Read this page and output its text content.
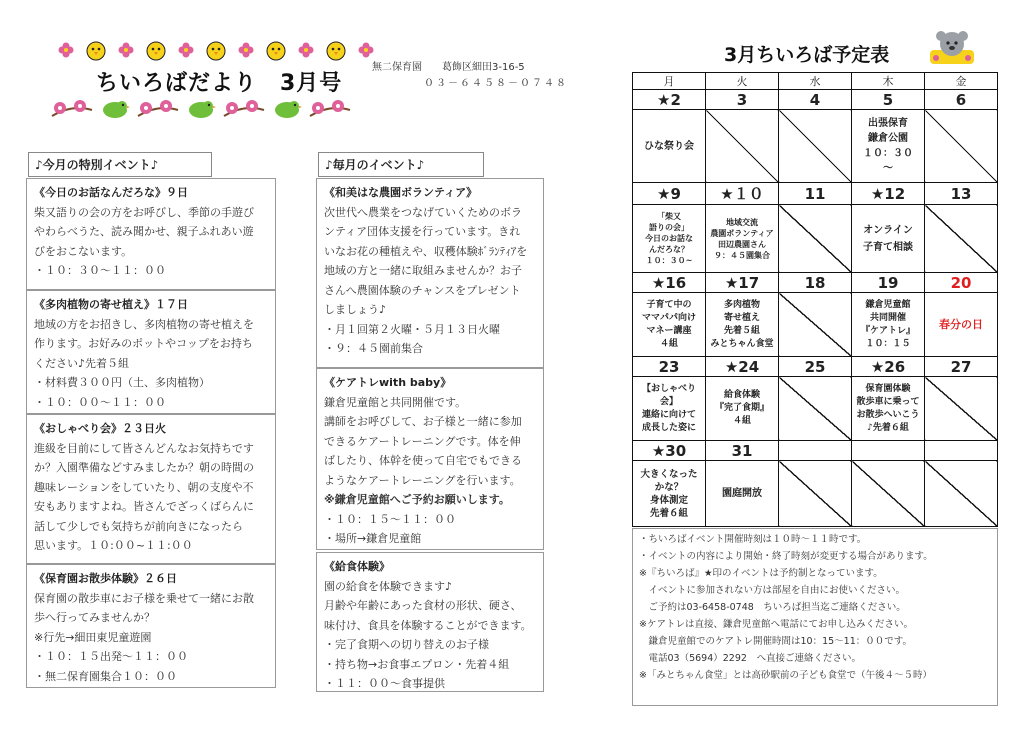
ちいろばだより　3月号
無二保育園　　葛飾区細田3-16-5
０３－６４５８－０７４８
♪今月の特別イベント♪
《今日のお話なんだろな》９日
柴又語りの会の方をお呼びし、季節の手遊び
やわらべうた、読み聞かせ、親子ふれあい遊
びをおこないます。
・１０：３０～１１：００
《多肉植物の寄せ植え》１７日
地域の方をお招きし、多肉植物の寄せ植えを
作ります。お好みのポットやコップをお持ち
ください♪先着５組
・材料費３００円（土、多肉植物）
・１０：００～１１：００
《おしゃべり会》２３日火
進級を目前にして皆さんどんなお気持ちです
か？入園準備などすみましたか？朝の時間の
趣味レーションをしていたり、朝の支度や不
安もありますよね。皆さんでざっくばらんに
話して少しでも気持ちが前向きになったら
思います。１０:００~１１:００
《保育園お散歩体験》２６日
保育園の散歩車にお子様を乗せて一緒にお散
歩へ行ってみませんか？
※行先→細田東児童遊園
・１０：１５出発～１１：００
・無二保育園集合１０：００
♪毎月のイベント♪
《和美はな農園ボランティア》
次世代へ農業をつなげていくためのボラ
ンティア団体支援を行っています。きれ
いなお花の種植えや、収穫体験ﾎﾞﾗﾝﾃｨｱを
地域の方と一緒に取組みませんか？お子
さんへ農園体験のチャンスをプレゼント
しましょう♪
・月１回第２火曜・５月１３日火曜
・９：４５園前集合
《ケアトレwith baby》
鎌倉児童館と共同開催です。
講師をお呼びして、お子様と一緒に参加
できるケアートレーニングです。体を伸
ばしたり、体幹を使って自宅でもできる
ようなケアートレーニングを行います。
※鎌倉児童館へご予約お願いします。
・１０：１５～１１：００
・場所→鎌倉児童館
《給食体験》
園の給食を体験できます♪
月齢や年齢にあった食材の形状、硬さ、
味付け、食具を体験することができます。
・完了食期への切り替えのお子様
・持ち物→お食事エプロン・先着４組
・１１：００～食事提供
3月ちいろば予定表
月	火	水	木	金
★2	3	4	5	6
ひな祭り会			出張保育
鎌倉公園
１０：３０
～	
★9	★１０	11	★12	13
「柴又
語りの会」
今日のお話な
んだろな？
１０：３０~	地域交流
農園ボランティア
田辺農園さん
９：４５園集合		オンライン
子育て相談	
★16	★17	18	19	20
子育て中の
ママパパ向け
マネー講座
４組	多肉植物
寄せ植え
先着５組
みとちゃん食堂		鎌倉児童館
共同開催
『ケアトレ』
１０：１５	春分の日
23	★24	25	★26	27
【おしゃべり
会】
連絡に向けて
成長した姿に	給食体験
『完了食期』
４組		保育園体験
散歩車に乗って
お散歩へいこう
♪先着６組	
★30	31			
大きくなった
かな？
身体測定
先着６組	園庭開放			
・ちいろばイベント開催時刻は１０時～１１時です。
・イベントの内容により開始・終了時刻が変更する場合があります。
※『ちいろば』★印のイベントは予約制となっています。
　イベントに参加されない方は部屋を自由にお使いください。
　ご予約は03-6458-0748　ちいろば担当迄ご連絡ください。
※ケアトレは直接、鎌倉児童館へ電話にてお申し込みください。
　鎌倉児童館でのケアトレ開催時間は10：15～11：００です。
　電話03（5694）2292　へ直接ご連絡ください。
※「みとちゃん食堂」とは高砂駅前の子ども食堂で（午後４～５時）
